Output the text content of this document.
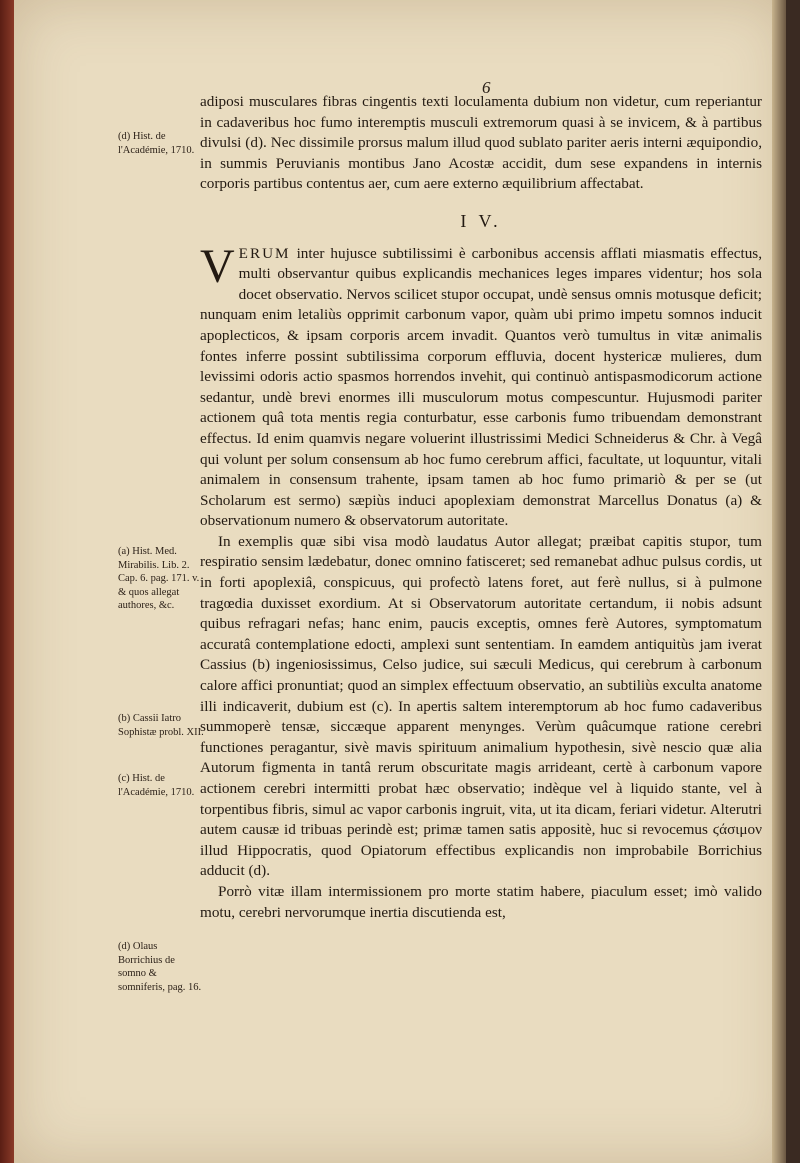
6

adiposi musculares fibras cingentis texti loculamenta dubium non videtur, cum reperiantur in cadaveribus hoc fumo interemptis musculi extremorum quasi à se invicem, & à partibus divulsi (d). Nec dissimile prorsus malum illud quod sublato pariter aeris interni æquipondio, in summis Peruvianis montibus Jano Acostæ accidit, dum sese expandens in internis corporis partibus contentus aer, cum aere externo æquilibrium affectabat.

I V.

VERUM inter hujusce subtilissimi è carbonibus accensis afflati miasmatis effectus, multi observantur quibus explicandis mechanices leges impares videntur; hos sola docet observatio. Nervos scilicet stupor occupat, undè sensus omnis motusque deficit; nunquam enim letaliùs opprimit carbonum vapor, quàm ubi primo impetu somnos inducit apoplecticos, & ipsam corporis arcem invadit. Quantos verò tumultus in vitæ animalis fontes inferre possint subtilissima corporum effluvia, docent hystericæ mulieres, dum levissimi odoris actio spasmos horrendos invehit, qui continuò antispasmodicorum actione sedantur, undè brevi enormes illi musculorum motus compescuntur. Hujusmodi pariter actionem quâ tota mentis regia conturbatur, esse carbonis fumo tribuendam demonstrant effectus. Id enim quamvis negare voluerint illustrissimi Medici Schneiderus & Chr. à Vegâ qui volunt per solum consensum ab hoc fumo cerebrum affici, facultate, ut loquuntur, vitali animalem in consensum trahente, ipsam tamen ab hoc fumo primariò & per se (ut Scholarum est sermo) sæpiùs induci apoplexiam demonstrat Marcellus Donatus (a) & observationum numero & observatorum autoritate.

In exemplis quæ sibi visa modò laudatus Autor allegat; præibat capitis stupor, tum respiratio sensim lædebatur, donec omnino fatisceret; sed remanebat adhuc pulsus cordis, ut in forti apoplexiâ, conspicuus, qui profectò latens foret, aut ferè nullus, si à pulmone tragœdia duxisset exordium. At si Observatorum autoritate certandum, ii nobis adsunt quibus refragari nefas; hanc enim, paucis exceptis, omnes ferè Autores, symptomatum accuratâ contemplatione edocti, amplexi sunt sententiam. In eamdem antiquitùs jam iverat Cassius (b) ingeniosissimus, Celso judice, sui sæculi Medicus, qui cerebrum à carbonum calore affici pronuntiat; quod an simplex effectuum observatio, an subtiliùs exculta anatome illi indicaverit, dubium est (c). In apertis saltem interemptorum ab hoc fumo cadaveribus summoperè tensæ, siccæque apparent menynges. Verùm quâcumque ratione cerebri functiones peragantur, sivè mavis spirituum animalium hypothesin, sivè nescio quæ alia Autorum figmenta in tantâ rerum obscuritate magis arrideant, certè à carbonum vapore actionem cerebri intermitti probat hæc observatio; indèque vel à liquido stante, vel à torpentibus fibris, simul ac vapor carbonis ingruit, vita, ut ita dicam, feriari videtur. Alterutri autem causæ id tribuas perindè est; primæ tamen satis appositè, huc si revocemus ϛάσιμον illud Hippocratis, quod Opiatorum effectibus explicandis non improbabile Borrichius adducit (d).

Porrò vitæ illam intermissionem pro morte statim habere, piaculum esset; imò valido motu, cerebri nervorumque inertia discutienda est,

(d) Hist. de l'Académie, 1710.
(a) Hist. Med. Mirabilis. Lib. 2. Cap. 6. pag. 171. v. & quos allegat authores, &c.
(b) Cassii Iatro Sophistæ probl. XII.
(c) Hist. de l'Académie, 1710.
(d) Olaus Borrichius de somno & somniferis, pag. 16.
